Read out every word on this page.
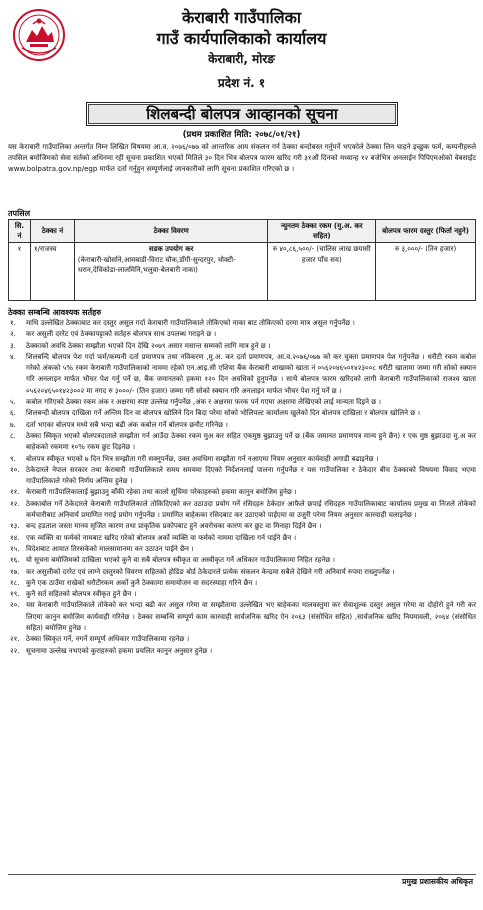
केराबारी गाउँपालिका
गाउँ कार्यपालिकाको कार्यालय
केराबारी, मोरङ
प्रदेश नं. १
शिलबन्दी बोलपत्र आव्हानको सूचना
(प्रथम प्रकाशित मिति: २०७८/०१/२१)

यस केराबारी गाउँपालिका अन्तर्गत निम्न लिखित विषयमा आ.व. २०७६/०७७ को आन्तरिक आय संकलन गर्न ठेक्का बन्दोबस्त गर्नुपर्ने भएकोले ठेक्का लिन चाहने इच्छुक फर्म, कम्पनीहरुले तपसिल बमोजिमको सेवा सर्तको अधिनमा रही सूचना प्रकाशित भएको मितिले ३० दिन भित्र बोलपत्र फारम खरिद गरी ३१औं दिनको मध्यान्ह १२ बजेभित्र अनलाईन पिपिएमओको वेबसाईट www.bolpatra.gov.np/egp मार्फत दर्ता गर्नुहुन सम्पूर्णलाई जानकारीको लागि सूचना प्रकाशित गरिएको छ ।

तपसिल
सि. नं	ठेक्का नं	ठेक्का विवरण	न्युनतम ठेक्का रकम (मु.अ. कर सहित)	बोलपत्र फारम दस्तुर (फिर्ता नहुने)
१	१/राजस्व	सडक उपयोग कर
(केराबारी-खोर्साने,आमबाडी-विराट चौक,डाँगी-सुन्दरपुर, चोक्टी-धरान,देविकोडा-लालमिनि,भलुवा-बेलबारी नाका)	रु ४०,८६,५००/- (चालिस लाख छयासी हजार पाँच सय)	रु ३,०००/- (तिन हजार)
ठेक्का सम्बन्धि आवश्यक सर्तहरु
१. माथि उल्लेखित ठेक्काबाट कर दस्तुर असुल गर्दा केराबारी गाउँपालिकाले तोकिएको नाका बाट तोकिएको दरमा मात्र असुल गर्नुपर्नेछ ।
२. कर असुली दररेट एवं ठेक्कापट्टाको सर्तहरु बोलपत्र साथ उपलब्ध गराइने छ ।
३. ठेक्काको अवधि ठेक्का सम्झौता भएको दिन देखि २०७९ असार मसान्त सम्मको लागि मात्र हुने छ ।
४. शिलबन्दि बोलपत्र पेश गर्दा फर्म/कम्पनी दर्ता प्रमाणपत्र तथा नविकरण ,मु.अ. कर दर्ता प्रमाणपत्र, आ.व.२०७६/०७७ को कर चुक्ता प्रमाणपत्र पेश गर्नुपर्नेछ । धरौटी रकम कबोल गरेको अंकको ५% रकम केराबारी गाउँपालिकाको नाममा रहेको एन.आइ.सी एशिया बैंक केराबारी शाखाको खाता नं ०५६२०४६५०१४२३००८ धरौटी खातामा जम्मा गरी सोको स्क्यान गरि अनलाइन मार्फत भौचर पेश गर्नु पर्ने छ, बैंक जमानतको हकमा १२० दिन अवधिको हुनुपर्नेछ । साथै बोलपत्र फारम खरिदको लागी केराबारी गाउँपालिकाको राजश्व खाता ०५६२०४६५०१४२३००२ मा नगद रु ३०००/- (तिन हजार) जम्मा गरी सोको स्क्यान गरि अनलाइन मार्फत भौचर पेश गर्नु पर्ने छ ।
५. कबोल गरिएको ठेक्का रकम अंक र अक्षरमा स्पष्ट उल्लेख गर्नुपर्नेछ ,अंक र अक्षरमा फरक पर्न गएमा अक्षरमा लेखिएको लाई मान्यता दिइने छ ।
६. शिलबन्दी बोलपत्र दाखिला गर्ने अन्तिम दिन वा बोलपत्र खोलिने दिन बिदा परेमा सोको भोलिपल्ट कार्यालय खुलेको दिन बोलपत्र दाखिला र बोलपत्र खोलिने छ ।
७. दर्ता भएका बोलपत्र मध्ये सबै भन्दा बढी अंक कबोल गर्ने बोलपत्र छनौट गरिनेछ ।
८. ठेक्का स्विकृत भएको बोलपत्रदाताले सम्झौता गर्न आउँदा ठेक्का रकम मुअ कर सहित एकमुष्ठ बुझाउनु पर्ने छ (बैंक जमानत प्रमाणपत्र मान्य हुने छैन) र एक मुष्ठ बुझाउदा मु.अ कर बाहेकको रकममा १०% रकम छुट दिइनेछ ।
९. बोलपत्र स्वीकृत भएको ७ दिन भित्र सम्झौता गरी सक्नुपर्नेछ, उक्त अवधिमा सम्झौता गर्न नआएमा नियम अनुसार कार्यवाही अगाडी बढाइनेछ ।
१०. ठेकेदारले नेपाल सरकार तथा केराबारी गाउँपालिकाले समय समयमा दिएको निर्देशनलाई पालना गर्नुपर्नेछ र यस गाउँपालिका र ठेकेदार बीच ठेक्काको विषयमा विवाद भएमा गाउँपालिकाले गरेको निर्णय अन्तिम हुनेछ ।
११. केराबारी गाउँपालिकालाई बुझाउनु बाँकी रहेका तथा कालो सूचिमा परेकाहरुको हकमा कानुन बमोजिम हुनेछ ।
१२. ठेक्काबोल गर्ने ठेकेदारले केराबारी गाउँपालिकाले तोकिदिएको कर उठाउदा प्रयोग गर्ने रसिदहरु ठेकेदार आफैले छपाई रसिदहरु गाउँपालिकाबाट कार्यालय प्रमुख वा निजले तोकेको कर्मचारीबाट अनिवार्य प्रमाणित गराई प्रयोग गर्नुपर्नेछ । प्रमाणित बाहेकका रसिदबाट कर उठाएको पाईएमा वा उजुरी परेमा नियम अनुसार कारवाही चलाइनेछ ।
१३. बन्द हडताल जस्ता मानव सृजित कारण तथा प्राकृतिक प्रकोपबाट हुने अवरोधका कारण कर छुट वा मिनाहा दिईने छैन ।
१४. एक व्यक्ति वा फर्मको नामबाट खरिद गरेको बोलपत्र अर्को व्यक्ति वा फर्मको नाममा दाखिला गर्न पाईने छैन ।
१५. विदेशबाट आयात तिरसकेको मालसामानमा कर उठाउन पाईने छैन ।
१६. यो सूचना बमोजिमको दाखिला भएको कुनै वा सबै बोलपत्र स्वीकृत वा अस्वीकृत गर्ने अधिकार गाउँपालिकामा निहित रहनेछ ।
१७. कर असुलीको दररेट एवं लाग्ने दस्तुरको विवरण सहितको होडिङ बोर्ड ठेकेदारले प्रत्येक संकलन केन्द्रमा सबैले देखिने गरी अनिवार्य रुपमा राख्नुपर्नेछ ।
१८. कुनै एक ठाउँमा राखेको धरौटीरकम अर्को कुनै ठेक्कामा समायोजन वा सदरस्याहा गरिने छैन ।
१९. कुनै सर्त सहितको बोलपत्र स्वीकृत हुने छैन ।
२०. यस केराबारी गाउँपालिकाले तोकेको कर भन्दा बढी कर असुल गरेमा वा सम्झौतामा उल्लेखित भए बाहेकका मालवस्तुमा कर सेवाशुल्क दस्तुर असुल गरेमा वा दोहोरो हुने गरी कर लिएमा कानुन बमोजिम कार्यवाही गरिनेछ । ठेक्का सम्बन्धि सम्पूर्ण काम कारवाही सार्वजनिक खरिद ऐन २०६३ (संसोधित सहित) ,सार्वजनिक खरिद नियमावली, २०६४ (संसोधित सहित) बमोजिम हुनेछ ।
२१. ठेक्का स्विकृत गर्ने, नगर्ने सम्पूर्ण अधिकार गाउँपालिकामा रहनेछ ।
२२. सूचनामा उल्लेख नभएको कुराहरुको हकमा प्रचलित कानुन अनुसार हुनेछ ।
प्रमुख प्रशासकीय अधिकृत
